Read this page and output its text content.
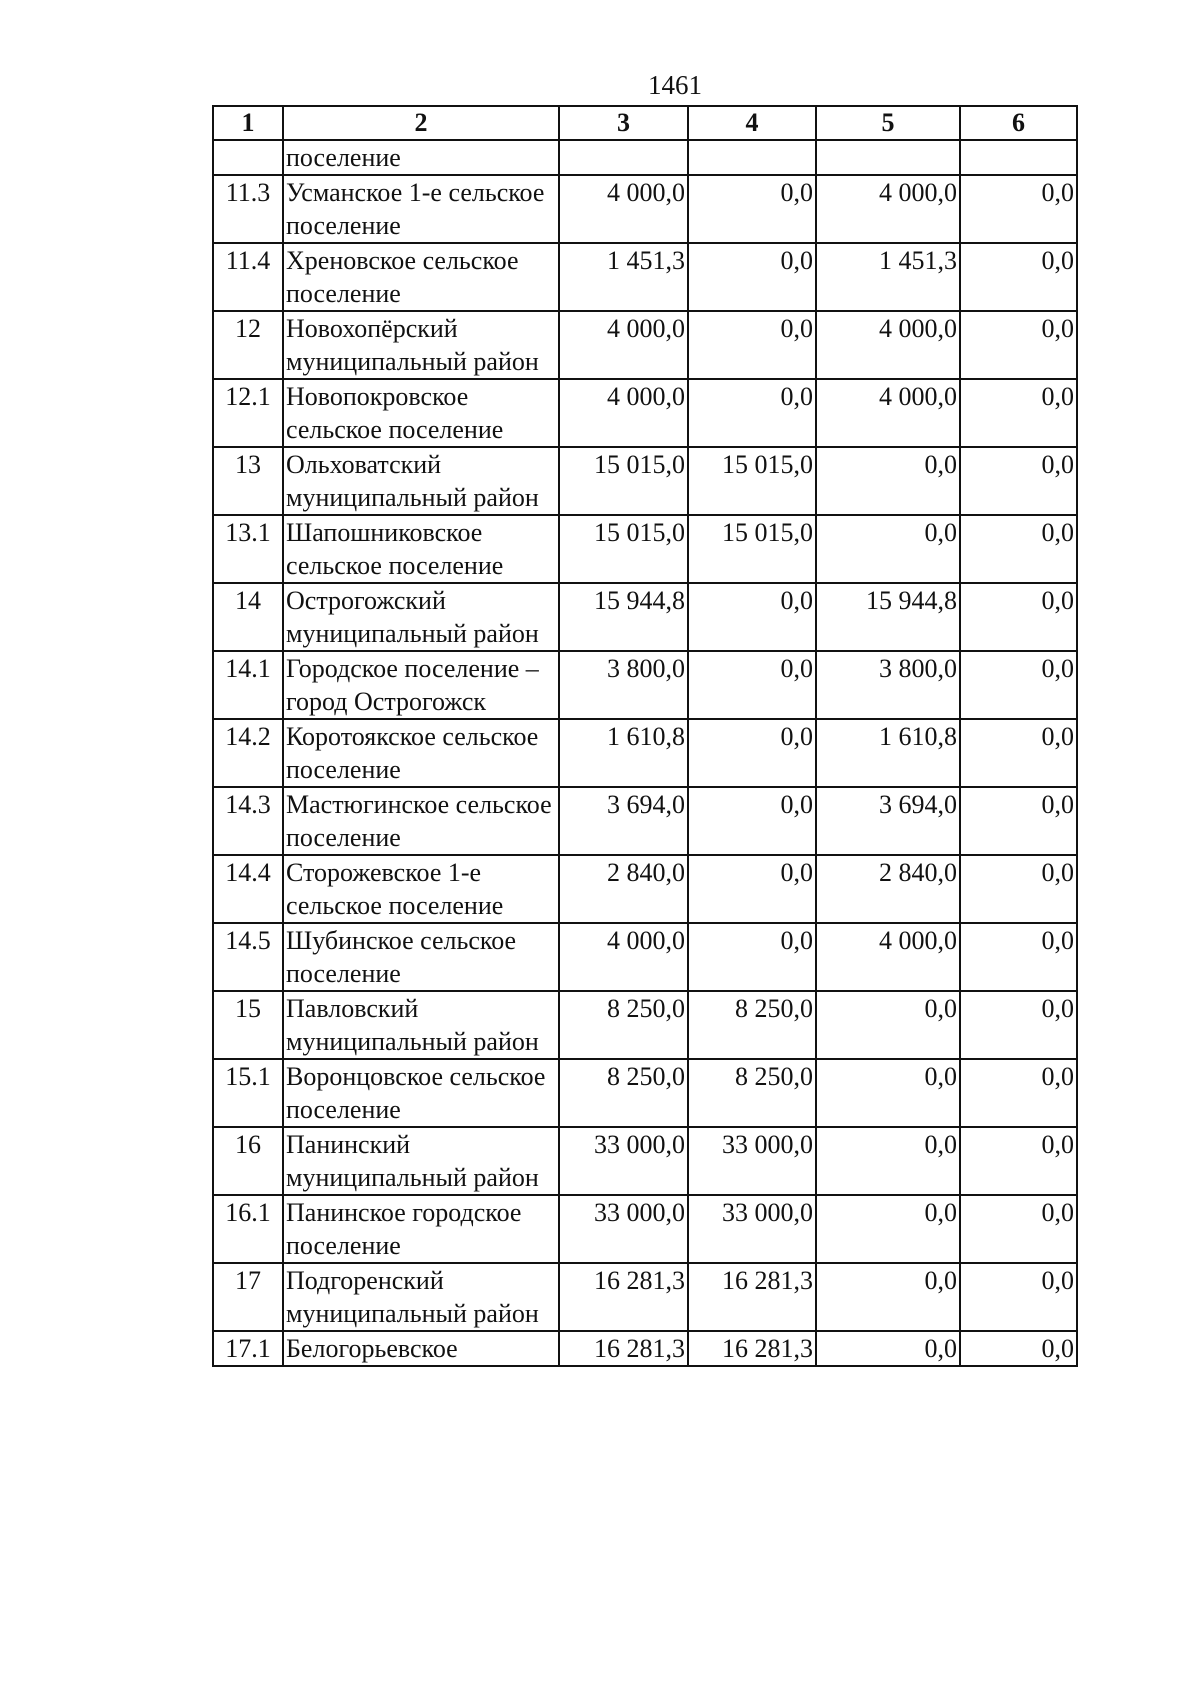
1461
1	2	3	4	5	6
	поселение				
11.3	Усманское 1-е сельское поселение	4 000,0	0,0	4 000,0	0,0
11.4	Хреновское сельское поселение	1 451,3	0,0	1 451,3	0,0
12	Новохопёрский муниципальный район	4 000,0	0,0	4 000,0	0,0
12.1	Новопокровское сельское поселение	4 000,0	0,0	4 000,0	0,0
13	Ольховатский муниципальный район	15 015,0	15 015,0	0,0	0,0
13.1	Шапошниковское сельское поселение	15 015,0	15 015,0	0,0	0,0
14	Острогожский муниципальный район	15 944,8	0,0	15 944,8	0,0
14.1	Городское поселение – город Острогожск	3 800,0	0,0	3 800,0	0,0
14.2	Коротоякское сельское поселение	1 610,8	0,0	1 610,8	0,0
14.3	Мастюгинское сельское поселение	3 694,0	0,0	3 694,0	0,0
14.4	Сторожевское 1-е сельское поселение	2 840,0	0,0	2 840,0	0,0
14.5	Шубинское сельское поселение	4 000,0	0,0	4 000,0	0,0
15	Павловский муниципальный район	8 250,0	8 250,0	0,0	0,0
15.1	Воронцовское сельское поселение	8 250,0	8 250,0	0,0	0,0
16	Панинский муниципальный район	33 000,0	33 000,0	0,0	0,0
16.1	Панинское городское поселение	33 000,0	33 000,0	0,0	0,0
17	Подгоренский муниципальный район	16 281,3	16 281,3	0,0	0,0
17.1	Белогорьевское	16 281,3	16 281,3	0,0	0,0
